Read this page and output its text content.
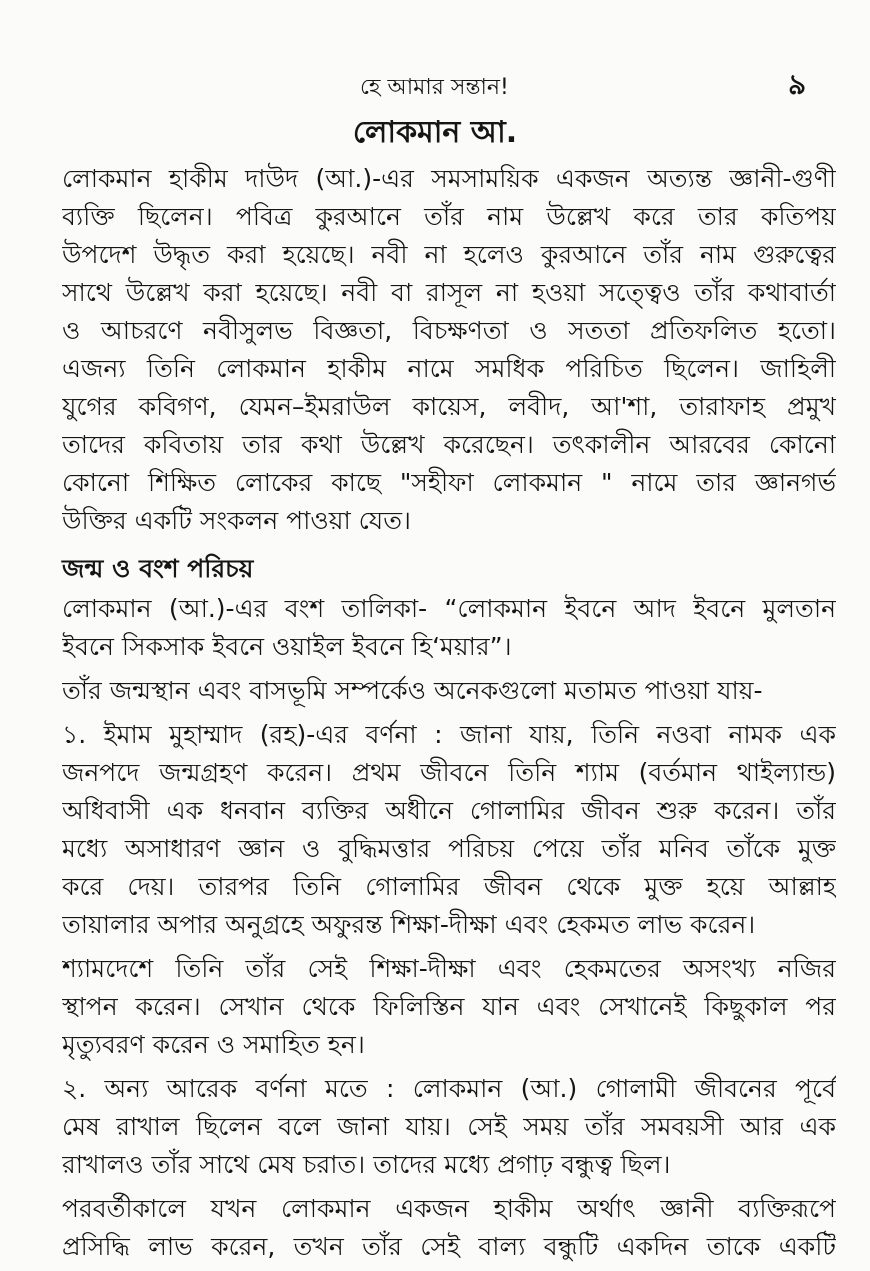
হে আমার সন্তান!	৯
লোকমান আ.
লোকমান হাকীম দাউদ (আ.)-এর সমসাময়িক একজন অত্যন্ত জ্ঞানী-গুণী
ব্যক্তি ছিলেন। পবিত্র কুরআনে তাঁর নাম উল্লেখ করে তার কতিপয়
উপদেশ উদ্ধৃত করা হয়েছে। নবী না হলেও কুরআনে তাঁর নাম গুরুত্বের
সাথে উল্লেখ করা হয়েছে। নবী বা রাসূল না হওয়া সত্ত্বেও তাঁর কথাবার্তা
ও আচরণে নবীসুলভ বিজ্ঞতা, বিচক্ষণতা ও সততা প্রতিফলিত হতো।
এজন্য তিনি লোকমান হাকীম নামে সমধিক পরিচিত ছিলেন। জাহিলী
যুগের কবিগণ, যেমন–ইমরাউল কায়েস, লবীদ, আ'শা, তারাফাহ প্রমুখ
তাদের কবিতায় তার কথা উল্লেখ করেছেন। তৎকালীন আরবের কোনো
কোনো শিক্ষিত লোকের কাছে "সহীফা লোকমান " নামে তার জ্ঞানগর্ভ
উক্তির একটি সংকলন পাওয়া যেত।
জন্ম ও বংশ পরিচয়
লোকমান (আ.)-এর বংশ তালিকা- “লোকমান ইবনে আদ ইবনে মুলতান
ইবনে সিকসাক ইবনে ওয়াইল ইবনে হি‘ময়ার”।
তাঁর জন্মস্থান এবং বাসভূমি সম্পর্কেও অনেকগুলো মতামত পাওয়া যায়-
১. ইমাম মুহাম্মাদ (রহ)-এর বর্ণনা : জানা যায়, তিনি নওবা নামক এক
জনপদে জন্মগ্রহণ করেন। প্রথম জীবনে তিনি শ্যাম (বর্তমান থাইল্যান্ড)
অধিবাসী এক ধনবান ব্যক্তির অধীনে গোলামির জীবন শুরু করেন। তাঁর
মধ্যে অসাধারণ জ্ঞান ও বুদ্ধিমত্তার পরিচয় পেয়ে তাঁর মনিব তাঁকে মুক্ত
করে দেয়। তারপর তিনি গোলামির জীবন থেকে মুক্ত হয়ে আল্লাহ
তায়ালার অপার অনুগ্রহে অফুরন্ত শিক্ষা-দীক্ষা এবং হেকমত লাভ করেন।
শ্যামদেশে তিনি তাঁর সেই শিক্ষা-দীক্ষা এবং হেকমতের অসংখ্য নজির
স্থাপন করেন। সেখান থেকে ফিলিস্তিন যান এবং সেখানেই কিছুকাল পর
মৃত্যুবরণ করেন ও সমাহিত হন।
২. অন্য আরেক বর্ণনা মতে : লোকমান (আ.) গোলামী জীবনের পূর্বে
মেষ রাখাল ছিলেন বলে জানা যায়। সেই সময় তাঁর সমবয়সী আর এক
রাখালও তাঁর সাথে মেষ চরাত। তাদের মধ্যে প্রগাঢ় বন্ধুত্ব ছিল।
পরবর্তীকালে যখন লোকমান একজন হাকীম অর্থাৎ জ্ঞানী ব্যক্তিরূপে
প্রসিদ্ধি লাভ করেন, তখন তাঁর সেই বাল্য বন্ধুটি একদিন তাকে একটি
